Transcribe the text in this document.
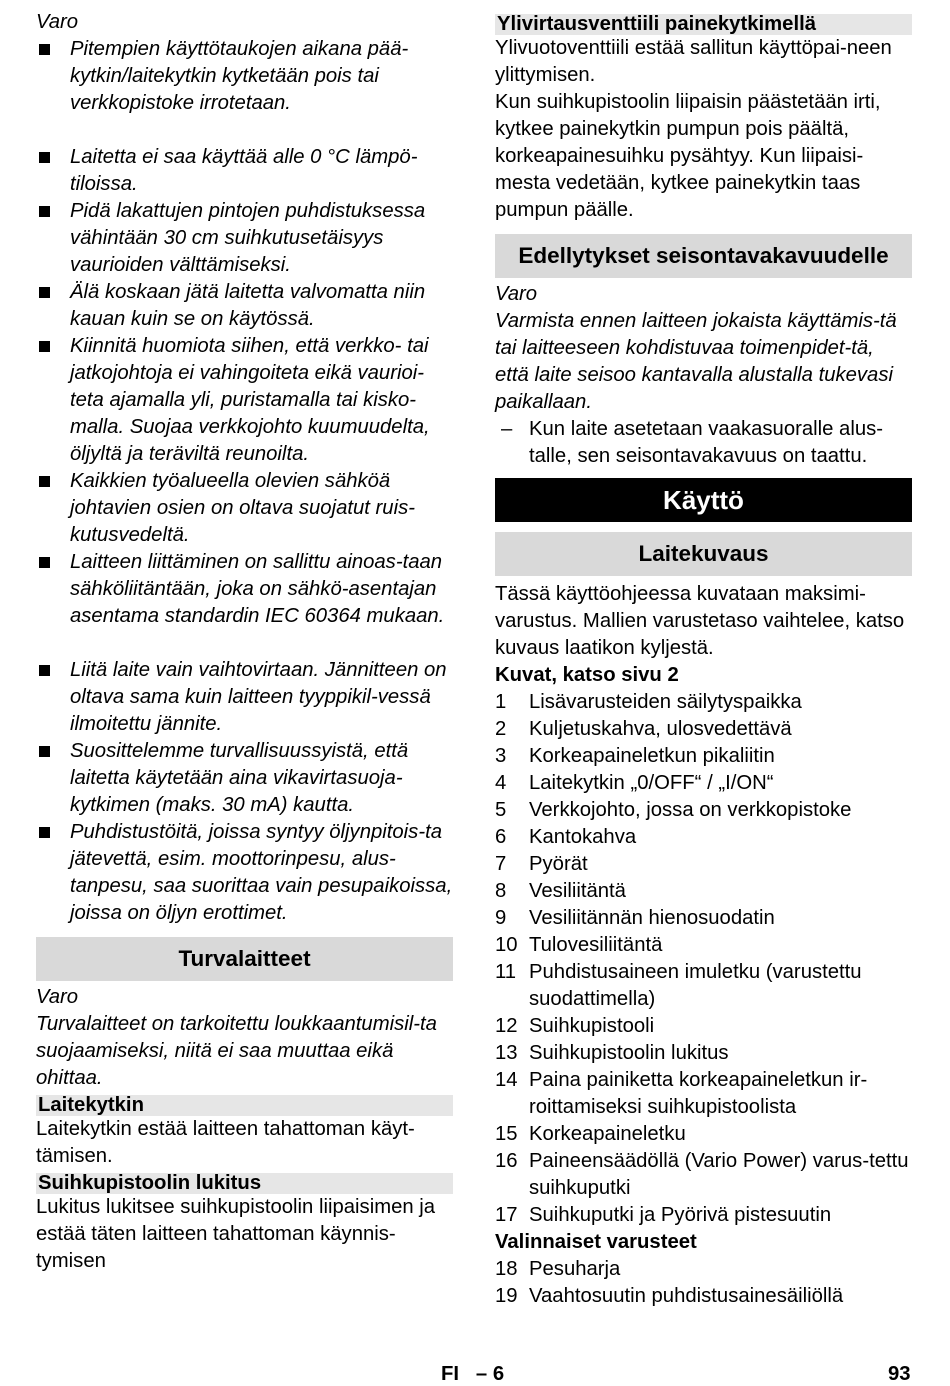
Varo

Pitempien käyttötaukojen aikana pää-kytkin/laitekytkin kytketään pois tai verkkopistoke irrotetaan.
Laitetta ei saa käyttää alle 0 °C lämpö-tiloissa.
Pidä lakattujen pintojen puhdistuksessa vähintään 30 cm suihkutusetäisyys vaurioiden välttämiseksi.
Älä koskaan jätä laitetta valvomatta niin kauan kuin se on käytössä.
Kiinnitä huomiota siihen, että verkko- tai jatkojohtoja ei vahingoiteta eikä vaurioi-teta ajamalla yli, puristamalla tai kisko-malla. Suojaa verkkojohto kuumuudelta, öljyltä ja teräviltä reunoilta.
Kaikkien työalueella olevien sähköä johtavien osien on oltava suojatut ruis-kutusvedeltä.
Laitteen liittäminen on sallittu ainoas-taan sähköliitäntään, joka on sähkö-asentajan asentama standardin IEC 60364 mukaan.
Liitä laite vain vaihtovirtaan. Jännitteen on oltava sama kuin laitteen tyyppikil-vessä ilmoitettu jännite.
Suosittelemme turvallisuussyistä, että laitetta käytetään aina vikavirtasuoja-kytkimen (maks. 30 mA) kautta.
Puhdistustöitä, joissa syntyy öljynpitois-ta jätevettä, esim. moottorinpesu, alus-tanpesu, saa suorittaa vain pesupaikoissa, joissa on öljyn erottimet.
Turvalaitteet

Varo

Turvalaitteet on tarkoitettu loukkaantumisil-ta suojaamiseksi, niitä ei saa muuttaa eikä ohittaa.

Laitekytkin

Laitekytkin estää laitteen tahattoman käyt-tämisen.

Suihkupistoolin lukitus

Lukitus lukitsee suihkupistoolin liipaisimen ja estää täten laitteen tahattoman käynnis-tymisen

Ylivirtausventtiili painekytkimellä

Ylivuotoventtiili estää sallitun käyttöpai-neen ylittymisen.

Kun suihkupistoolin liipaisin päästetään irti, kytkee painekytkin pumpun pois päältä, korkeapainesuihku pysähtyy. Kun liipaisi-mesta vedetään, kytkee painekytkin taas pumpun päälle.

Edellytykset seisontavakavuudelle

Varo

Varmista ennen laitteen jokaista käyttämis-tä tai laitteeseen kohdistuvaa toimenpidet-tä, että laite seisoo kantavalla alustalla tukevasi paikallaan.

– Kun laite asetetaan vaakasuoralle alus-talle, sen seisontavakavuus on taattu.
Käyttö
Laitekuvaus

Tässä käyttöohjeessa kuvataan maksimi-varustus. Mallien varustetaso vaihtelee, katso kuvaus laatikon kyljestä.

Kuvat, katso sivu 2

1	Lisävarusteiden säilytyspaikka
2	Kuljetuskahva, ulosvedettävä
3	Korkeapaineletkun pikaliitin
4	Laitekytkin „0/OFF“ / „I/ON“
5	Verkkojohto, jossa on verkkopistoke
6	Kantokahva
7	Pyörät
8	Vesiliitäntä
9	Vesiliitännän hienosuodatin
10 Tulovesiliitäntä
11 Puhdistusaineen imuletku (varustettu suodattimella)
12 Suihkupistooli
13 Suihkupistoolin lukitus
14 Paina painiketta korkeapaineletkun ir-roittamiseksi suihkupistoolista
15 Korkeapaineletku
16 Paineensäädöllä (Vario Power) varus-tettu suihkuputki
17 Suihkuputki ja Pyörivä pistesuutin

Valinnaiset varusteet

18 Pesuharja
19 Vaahtosuutin puhdistusainesäiliöllä
FI   – 6	93
